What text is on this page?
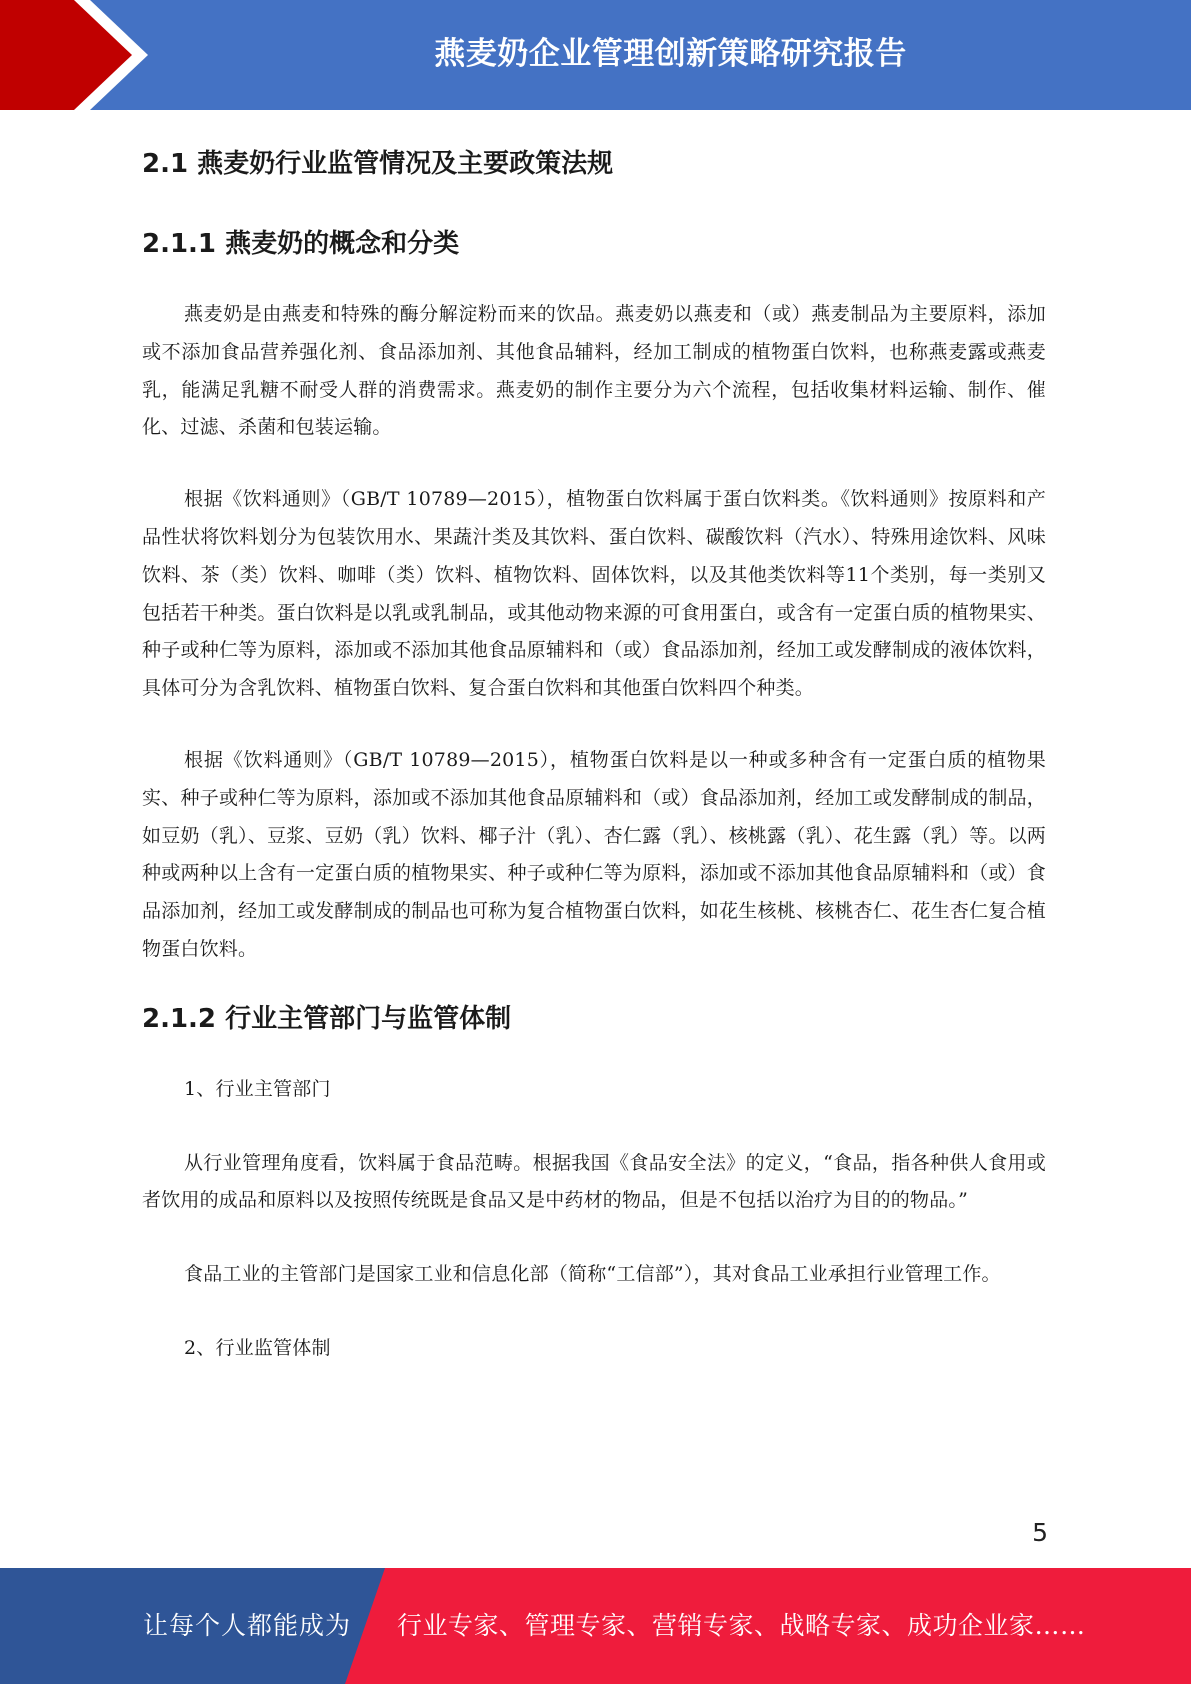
燕麦奶企业管理创新策略研究报告
2.1 燕麦奶行业监管情况及主要政策法规
2.1.1 燕麦奶的概念和分类

燕麦奶是由燕麦和特殊的酶分解淀粉而来的饮品。燕麦奶以燕麦和（或）燕麦制品为主要原料，添加或不添加食品营养强化剂、食品添加剂、其他食品辅料，经加工制成的植物蛋白饮料，也称燕麦露或燕麦乳，能满足乳糖不耐受人群的消费需求。燕麦奶的制作主要分为六个流程，包括收集材料运输、制作、催化、过滤、杀菌和包装运输。

根据《饮料通则》（GB/T 10789—2015），植物蛋白饮料属于蛋白饮料类。《饮料通则》按原料和产品性状将饮料划分为包装饮用水、果蔬汁类及其饮料、蛋白饮料、碳酸饮料（汽水）、特殊用途饮料、风味饮料、茶（类）饮料、咖啡（类）饮料、植物饮料、固体饮料，以及其他类饮料等11个类别，每一类别又包括若干种类。蛋白饮料是以乳或乳制品，或其他动物来源的可食用蛋白，或含有一定蛋白质的植物果实、种子或种仁等为原料，添加或不添加其他食品原辅料和（或）食品添加剂，经加工或发酵制成的液体饮料，具体可分为含乳饮料、植物蛋白饮料、复合蛋白饮料和其他蛋白饮料四个种类。

根据《饮料通则》（GB/T 10789—2015），植物蛋白饮料是以一种或多种含有一定蛋白质的植物果实、种子或种仁等为原料，添加或不添加其他食品原辅料和（或）食品添加剂，经加工或发酵制成的制品，如豆奶（乳）、豆浆、豆奶（乳）饮料、椰子汁（乳）、杏仁露（乳）、核桃露（乳）、花生露（乳）等。以两种或两种以上含有一定蛋白质的植物果实、种子或种仁等为原料，添加或不添加其他食品原辅料和（或）食品添加剂，经加工或发酵制成的制品也可称为复合植物蛋白饮料，如花生核桃、核桃杏仁、花生杏仁复合植物蛋白饮料。

2.1.2 行业主管部门与监管体制

1、行业主管部门

从行业管理角度看，饮料属于食品范畴。根据我国《食品安全法》的定义，“食品，指各种供人食用或者饮用的成品和原料以及按照传统既是食品又是中药材的物品，但是不包括以治疗为目的的物品。”

食品工业的主管部门是国家工业和信息化部（简称“工信部”），其对食品工业承担行业管理工作。

2、行业监管体制

5
让每个人都能成为 行业专家、管理专家、营销专家、战略专家、成功企业家……
